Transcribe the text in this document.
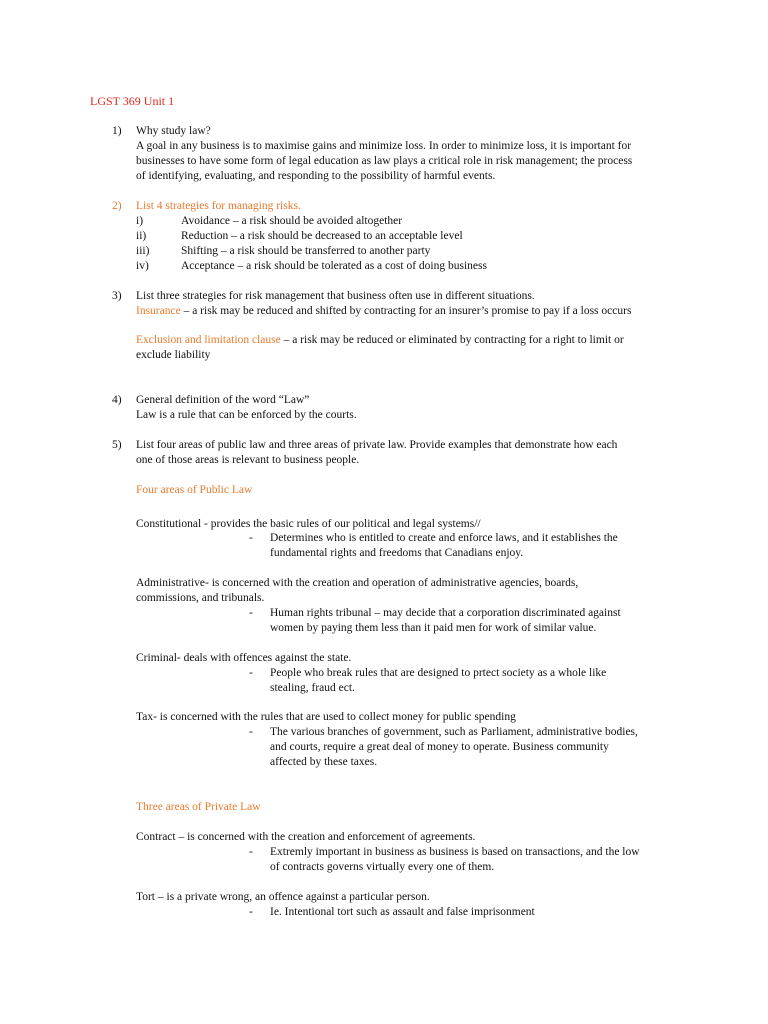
LGST 369 Unit 1
1) Why study law?
A goal in any business is to maximise gains and minimize loss. In order to minimize loss, it is important for
businesses to have some form of legal education as law plays a critical role in risk management; the process
of identifying, evaluating, and responding to the possibility of harmful events.
2) List 4 strategies for managing risks.
i)	Avoidance – a risk should be avoided altogether
ii)	Reduction – a risk should be decreased to an acceptable level
iii)	Shifting – a risk should be transferred to another party
iv)	Acceptance – a risk should be tolerated as a cost of doing business
3) List three strategies for risk management that business often use in different situations.
Insurance – a risk may be reduced and shifted by contracting for an insurer’s promise to pay if a loss occurs
Exclusion and limitation clause – a risk may be reduced or eliminated by contracting for a right to limit or
exclude liability
4) General definition of the word “Law”
Law is a rule that can be enforced by the courts.
5) List four areas of public law and three areas of private law. Provide examples that demonstrate how each
one of those areas is relevant to business people.
Four areas of Public Law
Constitutional - provides the basic rules of our political and legal systems//
- Determines who is entitled to create and enforce laws, and it establishes the
fundamental rights and freedoms that Canadians enjoy.
Administrative- is concerned with the creation and operation of administrative agencies, boards,
commissions, and tribunals.
- Human rights tribunal – may decide that a corporation discriminated against
women by paying them less than it paid men for work of similar value.
Criminal- deals with offences against the state.
- People who break rules that are designed to prtect society as a whole like
stealing, fraud ect.
Tax- is concerned with the rules that are used to collect money for public spending
- The various branches of government, such as Parliament, administrative bodies,
and courts, require a great deal of money to operate. Business community
affected by these taxes.
Three areas of Private Law
Contract – is concerned with the creation and enforcement of agreements.
- Extremly important in business as business is based on transactions, and the low
of contracts governs virtually every one of them.
Tort – is a private wrong, an offence against a particular person.
- Ie. Intentional tort such as assault and false imprisonment
